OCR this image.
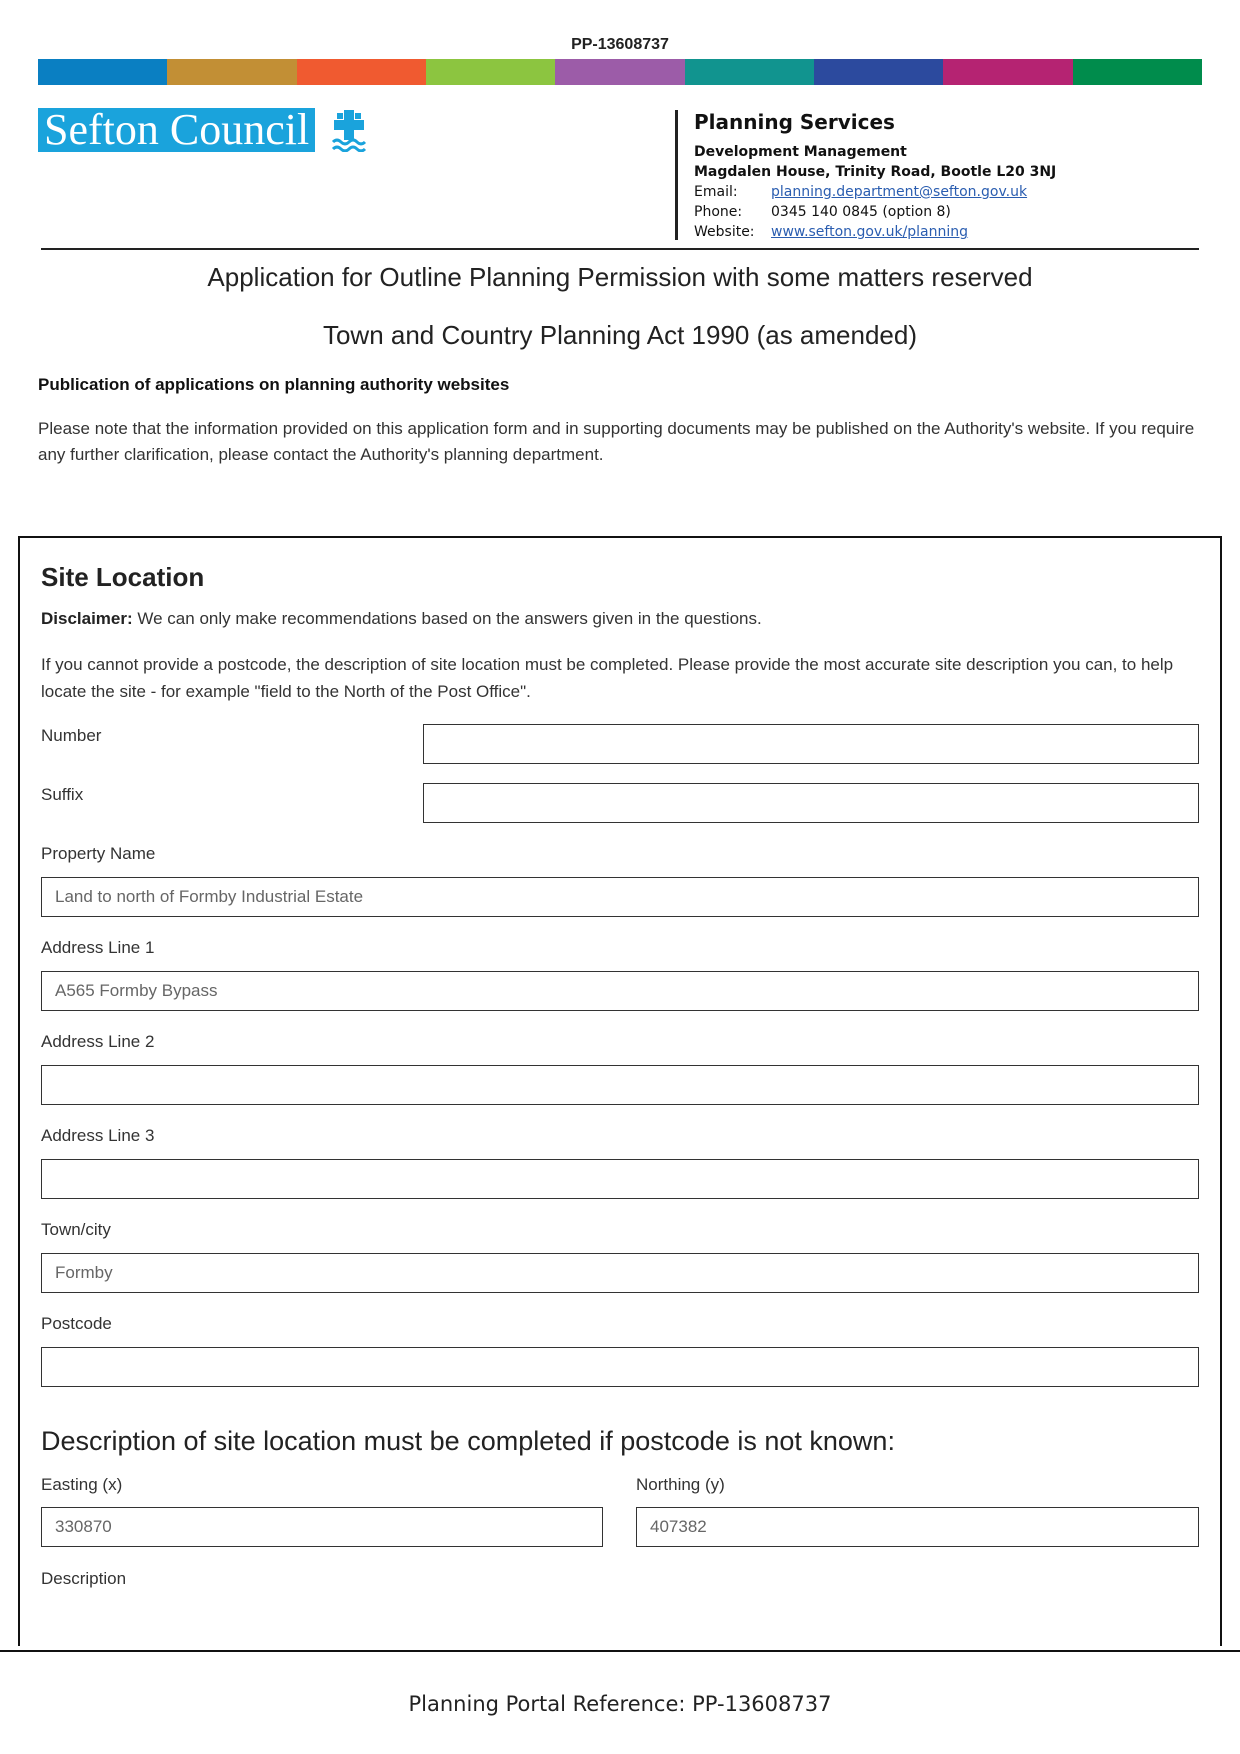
PP-13608737
Sefton Council	Planning Services
Development Management
Magdalen House, Trinity Road, Bootle L20 3NJ
Email:	planning.department@sefton.gov.uk
Phone:	0345 140 0845 (option 8)
Website:	www.sefton.gov.uk/planning
Application for Outline Planning Permission with some matters reserved
Town and Country Planning Act 1990 (as amended)
Publication of applications on planning authority websites
Please note that the information provided on this application form and in supporting documents may be published on the Authority's website. If you require any further clarification, please contact the Authority's planning department.
Site Location
Disclaimer: We can only make recommendations based on the answers given in the questions.
If you cannot provide a postcode, the description of site location must be completed. Please provide the most accurate site description you can, to help locate the site - for example "field to the North of the Post Office".
Number
Suffix
Property Name
Land to north of Formby Industrial Estate
Address Line 1
A565 Formby Bypass
Address Line 2
Address Line 3
Town/city
Formby
Postcode
Description of site location must be completed if postcode is not known:
Easting (x)
330870
Northing (y)
407382
Description
Planning Portal Reference: PP-13608737
